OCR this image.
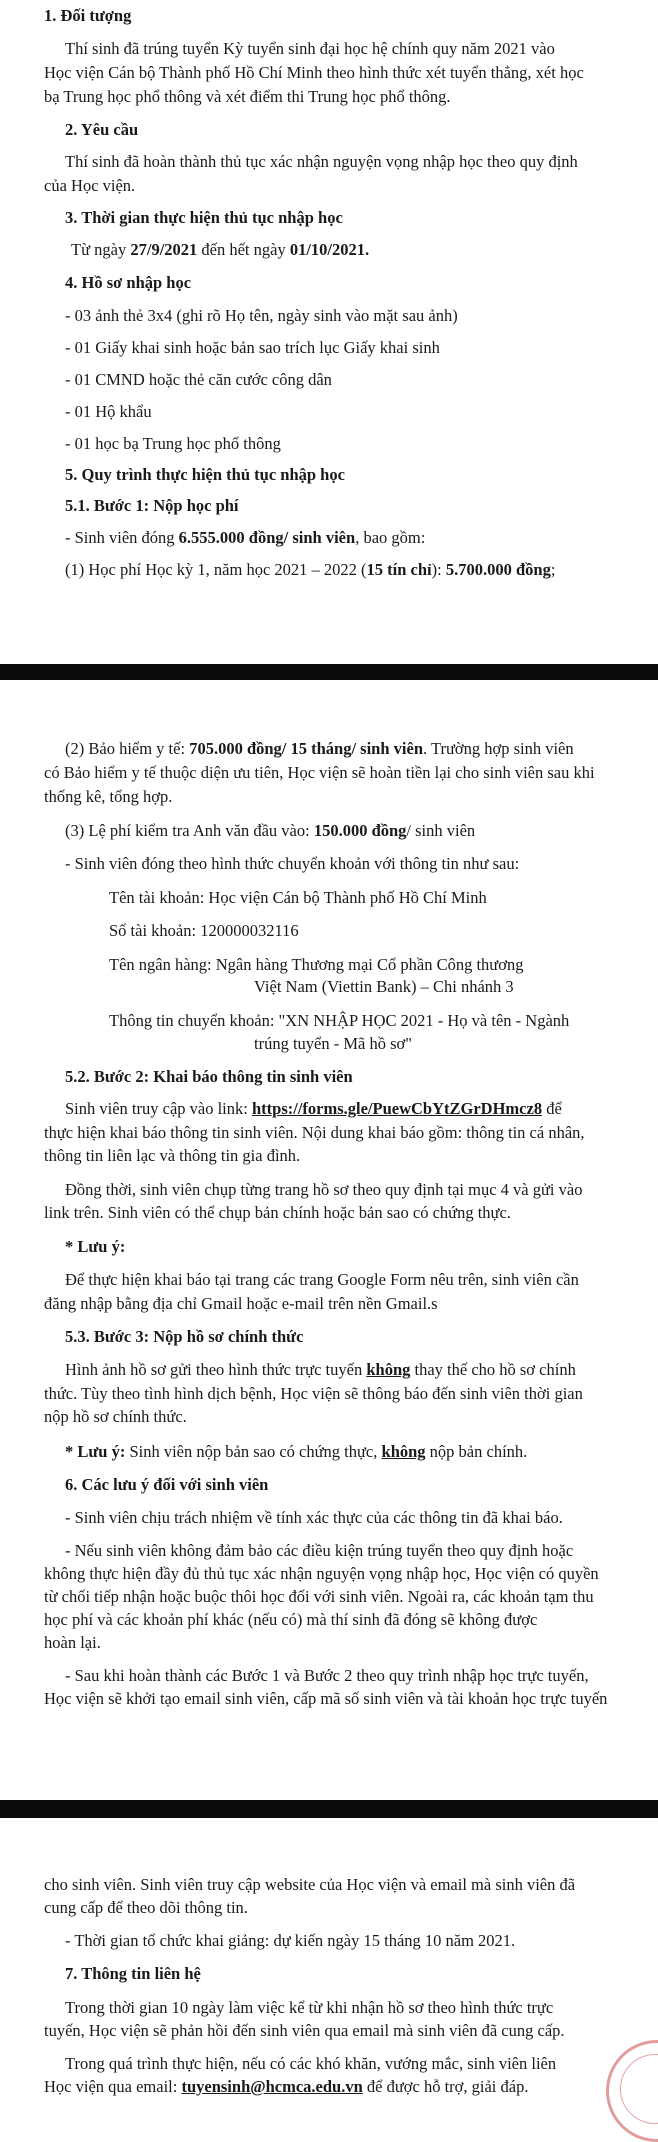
1. Đối tượng
Thí sinh đã trúng tuyển Kỳ tuyển sinh đại học hệ chính quy năm 2021 vào
Học viện Cán bộ Thành phố Hồ Chí Minh theo hình thức xét tuyển thẳng, xét học
bạ Trung học phổ thông và xét điểm thi Trung học phổ thông.
2. Yêu cầu
Thí sinh đã hoàn thành thủ tục xác nhận nguyện vọng nhập học theo quy định
của Học viện.
3. Thời gian thực hiện thủ tục nhập học
Từ ngày 27/9/2021 đến hết ngày 01/10/2021.
4. Hồ sơ nhập học
- 03 ảnh thẻ 3x4 (ghi rõ Họ tên, ngày sinh vào mặt sau ảnh)
- 01 Giấy khai sinh hoặc bản sao trích lục Giấy khai sinh
- 01 CMND hoặc thẻ căn cước công dân
- 01 Hộ khẩu
- 01 học bạ Trung học phổ thông
5. Quy trình thực hiện thủ tục nhập học
5.1. Bước 1: Nộp học phí
- Sinh viên đóng 6.555.000 đồng/ sinh viên, bao gồm:
(1) Học phí Học kỳ 1, năm học 2021 – 2022 (15 tín chỉ): 5.700.000 đồng;
(2) Bảo hiểm y tế: 705.000 đồng/ 15 tháng/ sinh viên. Trường hợp sinh viên
có Bảo hiểm y tế thuộc diện ưu tiên, Học viện sẽ hoàn tiền lại cho sinh viên sau khi
thống kê, tổng hợp.
(3) Lệ phí kiểm tra Anh văn đầu vào: 150.000 đồng/ sinh viên
- Sinh viên đóng theo hình thức chuyển khoản với thông tin như sau:
Tên tài khoản: Học viện Cán bộ Thành phố Hồ Chí Minh
Số tài khoản: 120000032116
Tên ngân hàng: Ngân hàng Thương mại Cổ phần Công thương
Việt Nam (Viettin Bank) – Chi nhánh 3
Thông tin chuyển khoản: "XN NHẬP HỌC 2021 - Họ và tên - Ngành
trúng tuyển - Mã hồ sơ"
5.2. Bước 2: Khai báo thông tin sinh viên
Sinh viên truy cập vào link: https://forms.gle/PuewCbYtZGrDHmcz8 để
thực hiện khai báo thông tin sinh viên. Nội dung khai báo gồm: thông tin cá nhân,
thông tin liên lạc và thông tin gia đình.
Đồng thời, sinh viên chụp từng trang hồ sơ theo quy định tại mục 4 và gửi vào
link trên. Sinh viên có thể chụp bản chính hoặc bản sao có chứng thực.
* Lưu ý:
Để thực hiện khai báo tại trang các trang Google Form nêu trên, sinh viên cần
đăng nhập bằng địa chỉ Gmail hoặc e-mail trên nền Gmail.s
5.3. Bước 3: Nộp hồ sơ chính thức
Hình ảnh hồ sơ gửi theo hình thức trực tuyến không thay thế cho hồ sơ chính
thức. Tùy theo tình hình dịch bệnh, Học viện sẽ thông báo đến sinh viên thời gian
nộp hồ sơ chính thức.
* Lưu ý: Sinh viên nộp bản sao có chứng thực, không nộp bản chính.
6. Các lưu ý đối với sinh viên
- Sinh viên chịu trách nhiệm về tính xác thực của các thông tin đã khai báo.
- Nếu sinh viên không đảm bảo các điều kiện trúng tuyển theo quy định hoặc
không thực hiện đầy đủ thủ tục xác nhận nguyện vọng nhập học, Học viện có quyền
từ chối tiếp nhận hoặc buộc thôi học đối với sinh viên. Ngoài ra, các khoản tạm thu
học phí và các khoản phí khác (nếu có) mà thí sinh đã đóng sẽ không được
hoàn lại.
- Sau khi hoàn thành các Bước 1 và Bước 2 theo quy trình nhập học trực tuyến,
Học viện sẽ khởi tạo email sinh viên, cấp mã số sinh viên và tài khoản học trực tuyến
cho sinh viên. Sinh viên truy cập website của Học viện và email mà sinh viên đã
cung cấp để theo dõi thông tin.
- Thời gian tổ chức khai giảng: dự kiến ngày 15 tháng 10 năm 2021.
7. Thông tin liên hệ
Trong thời gian 10 ngày làm việc kể từ khi nhận hồ sơ theo hình thức trực
tuyến, Học viện sẽ phản hồi đến sinh viên qua email mà sinh viên đã cung cấp.
Trong quá trình thực hiện, nếu có các khó khăn, vướng mắc, sinh viên liên
Học viện qua email: tuyensinh@hcmca.edu.vn để được hỗ trợ, giải đáp.
